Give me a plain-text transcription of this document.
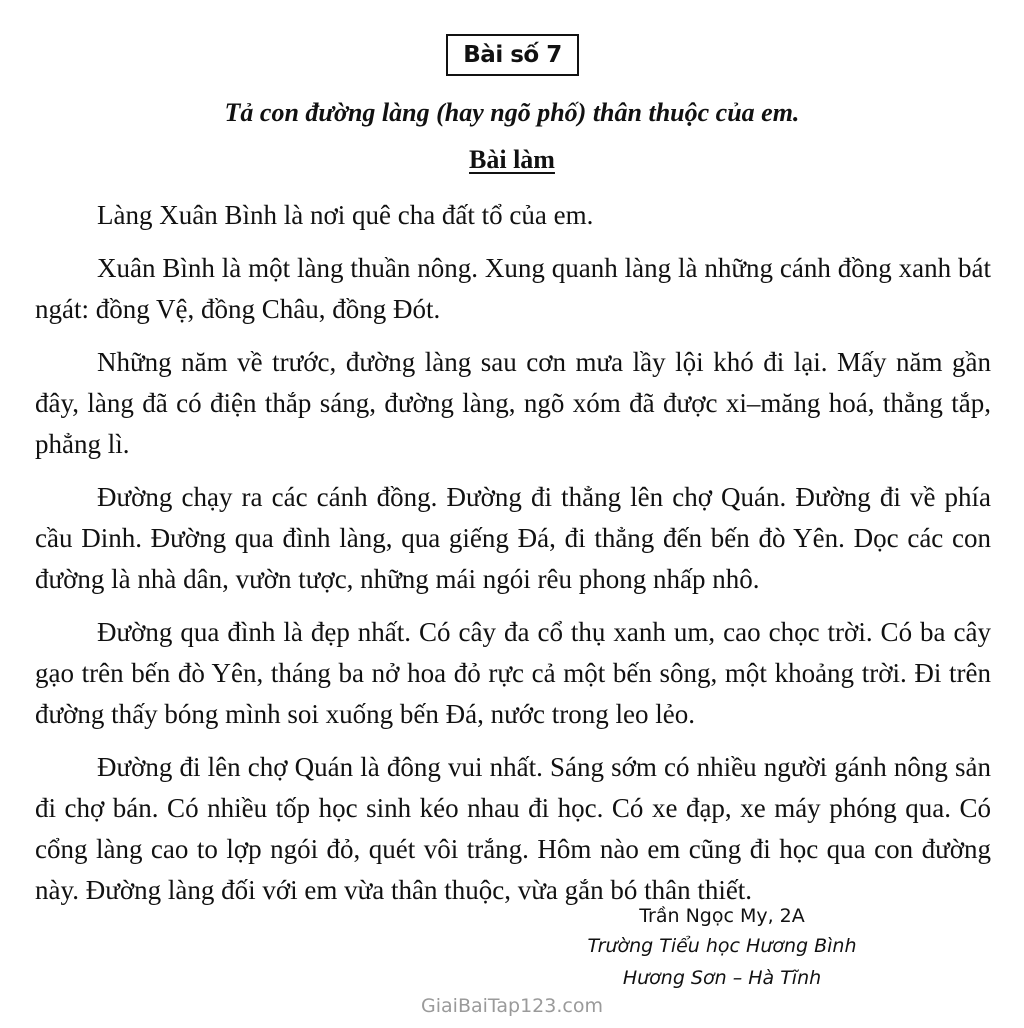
Bài số 7
Tả con đường làng (hay ngõ phố) thân thuộc của em.
Bài làm

Làng Xuân Bình là nơi quê cha đất tổ của em.

Xuân Bình là một làng thuần nông. Xung quanh làng là những cánh đồng xanh bát ngát: đồng Vệ, đồng Châu, đồng Đót.

Những năm về trước, đường làng sau cơn mưa lầy lội khó đi lại. Mấy năm gần đây, làng đã có điện thắp sáng, đường làng, ngõ xóm đã được xi–măng hoá, thẳng tắp, phẳng lì.

Đường chạy ra các cánh đồng. Đường đi thẳng lên chợ Quán. Đường đi về phía cầu Dinh. Đường qua đình làng, qua giếng Đá, đi thẳng đến bến đò Yên. Dọc các con đường là nhà dân, vườn tược, những mái ngói rêu phong nhấp nhô.

Đường qua đình là đẹp nhất. Có cây đa cổ thụ xanh um, cao chọc trời. Có ba cây gạo trên bến đò Yên, tháng ba nở hoa đỏ rực cả một bến sông, một khoảng trời. Đi trên đường thấy bóng mình soi xuống bến Đá, nước trong leo lẻo.

Đường đi lên chợ Quán là đông vui nhất. Sáng sớm có nhiều người gánh nông sản đi chợ bán. Có nhiều tốp học sinh kéo nhau đi học. Có xe đạp, xe máy phóng qua. Có cổng làng cao to lợp ngói đỏ, quét vôi trắng. Hôm nào em cũng đi học qua con đường này. Đường làng đối với em vừa thân thuộc, vừa gắn bó thân thiết.

Trần Ngọc My, 2A
Trường Tiểu học Hương Bình
Hương Sơn – Hà Tĩnh
GiaiBaiTap123.com
